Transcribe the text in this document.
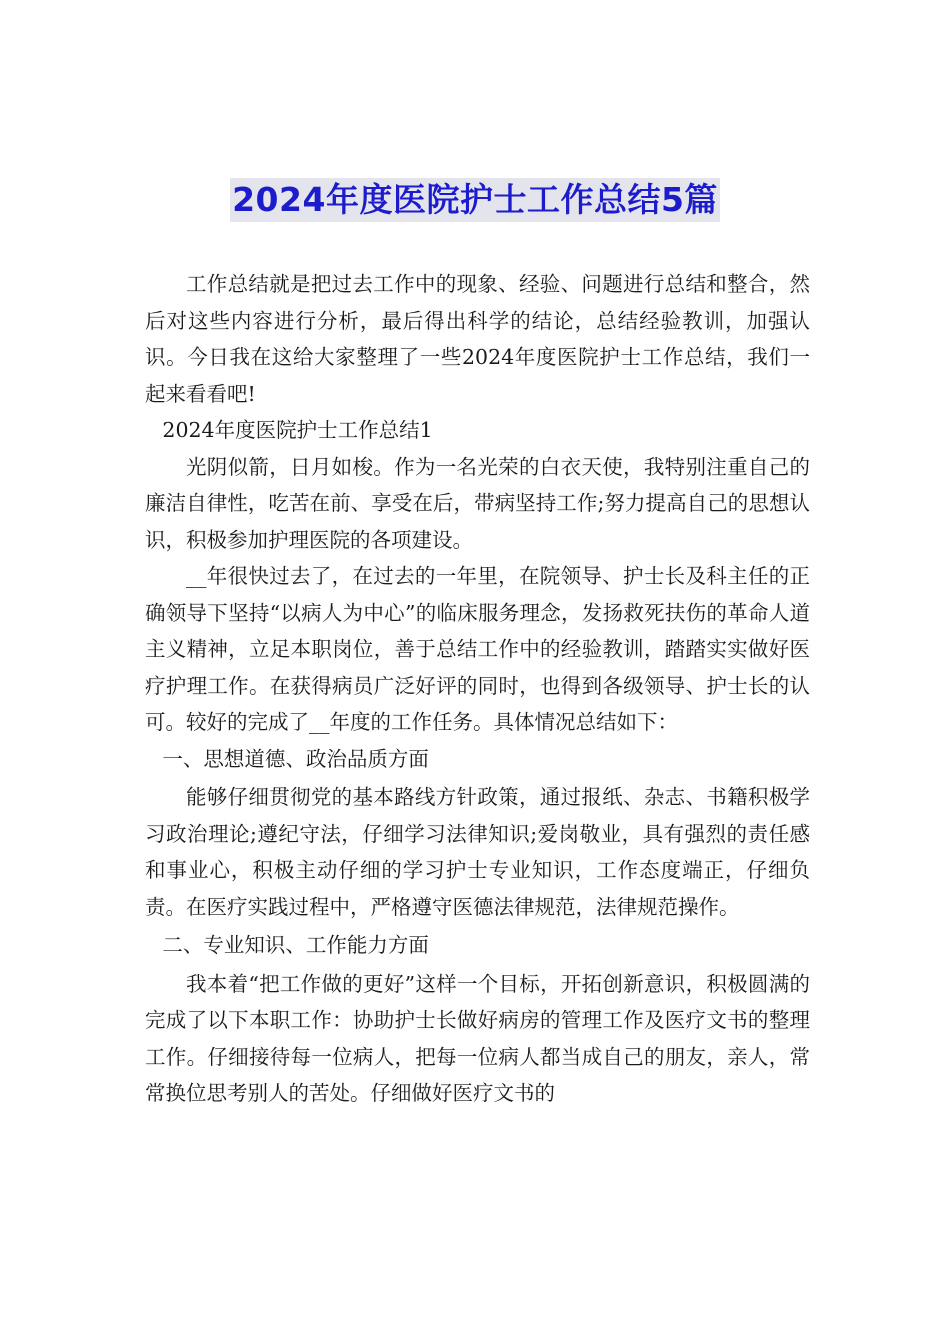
2024年度医院护士工作总结5篇

工作总结就是把过去工作中的现象、经验、问题进行总结和整合，然后对这些内容进行分析，最后得出科学的结论，总结经验教训，加强认识。今日我在这给大家整理了一些2024年度医院护士工作总结，我们一起来看看吧!

2024年度医院护士工作总结1

光阴似箭，日月如梭。作为一名光荣的白衣天使，我特别注重自己的廉洁自律性，吃苦在前、享受在后，带病坚持工作;努力提高自己的思想认识，积极参加护理医院的各项建设。

__年很快过去了，在过去的一年里，在院领导、护士长及科主任的正确领导下坚持“以病人为中心”的临床服务理念，发扬救死扶伤的革命人道主义精神，立足本职岗位，善于总结工作中的经验教训，踏踏实实做好医疗护理工作。在获得病员广泛好评的同时，也得到各级领导、护士长的认可。较好的完成了__年度的工作任务。具体情况总结如下：

一、思想道德、政治品质方面

能够仔细贯彻党的基本路线方针政策，通过报纸、杂志、书籍积极学习政治理论;遵纪守法，仔细学习法律知识;爱岗敬业，具有强烈的责任感和事业心，积极主动仔细的学习护士专业知识，工作态度端正，仔细负责。在医疗实践过程中，严格遵守医德法律规范，法律规范操作。

二、专业知识、工作能力方面

我本着“把工作做的更好”这样一个目标，开拓创新意识，积极圆满的完成了以下本职工作：协助护士长做好病房的管理工作及医疗文书的整理工作。仔细接待每一位病人，把每一位病人都当成自己的朋友，亲人，常常换位思考别人的苦处。仔细做好医疗文书的
